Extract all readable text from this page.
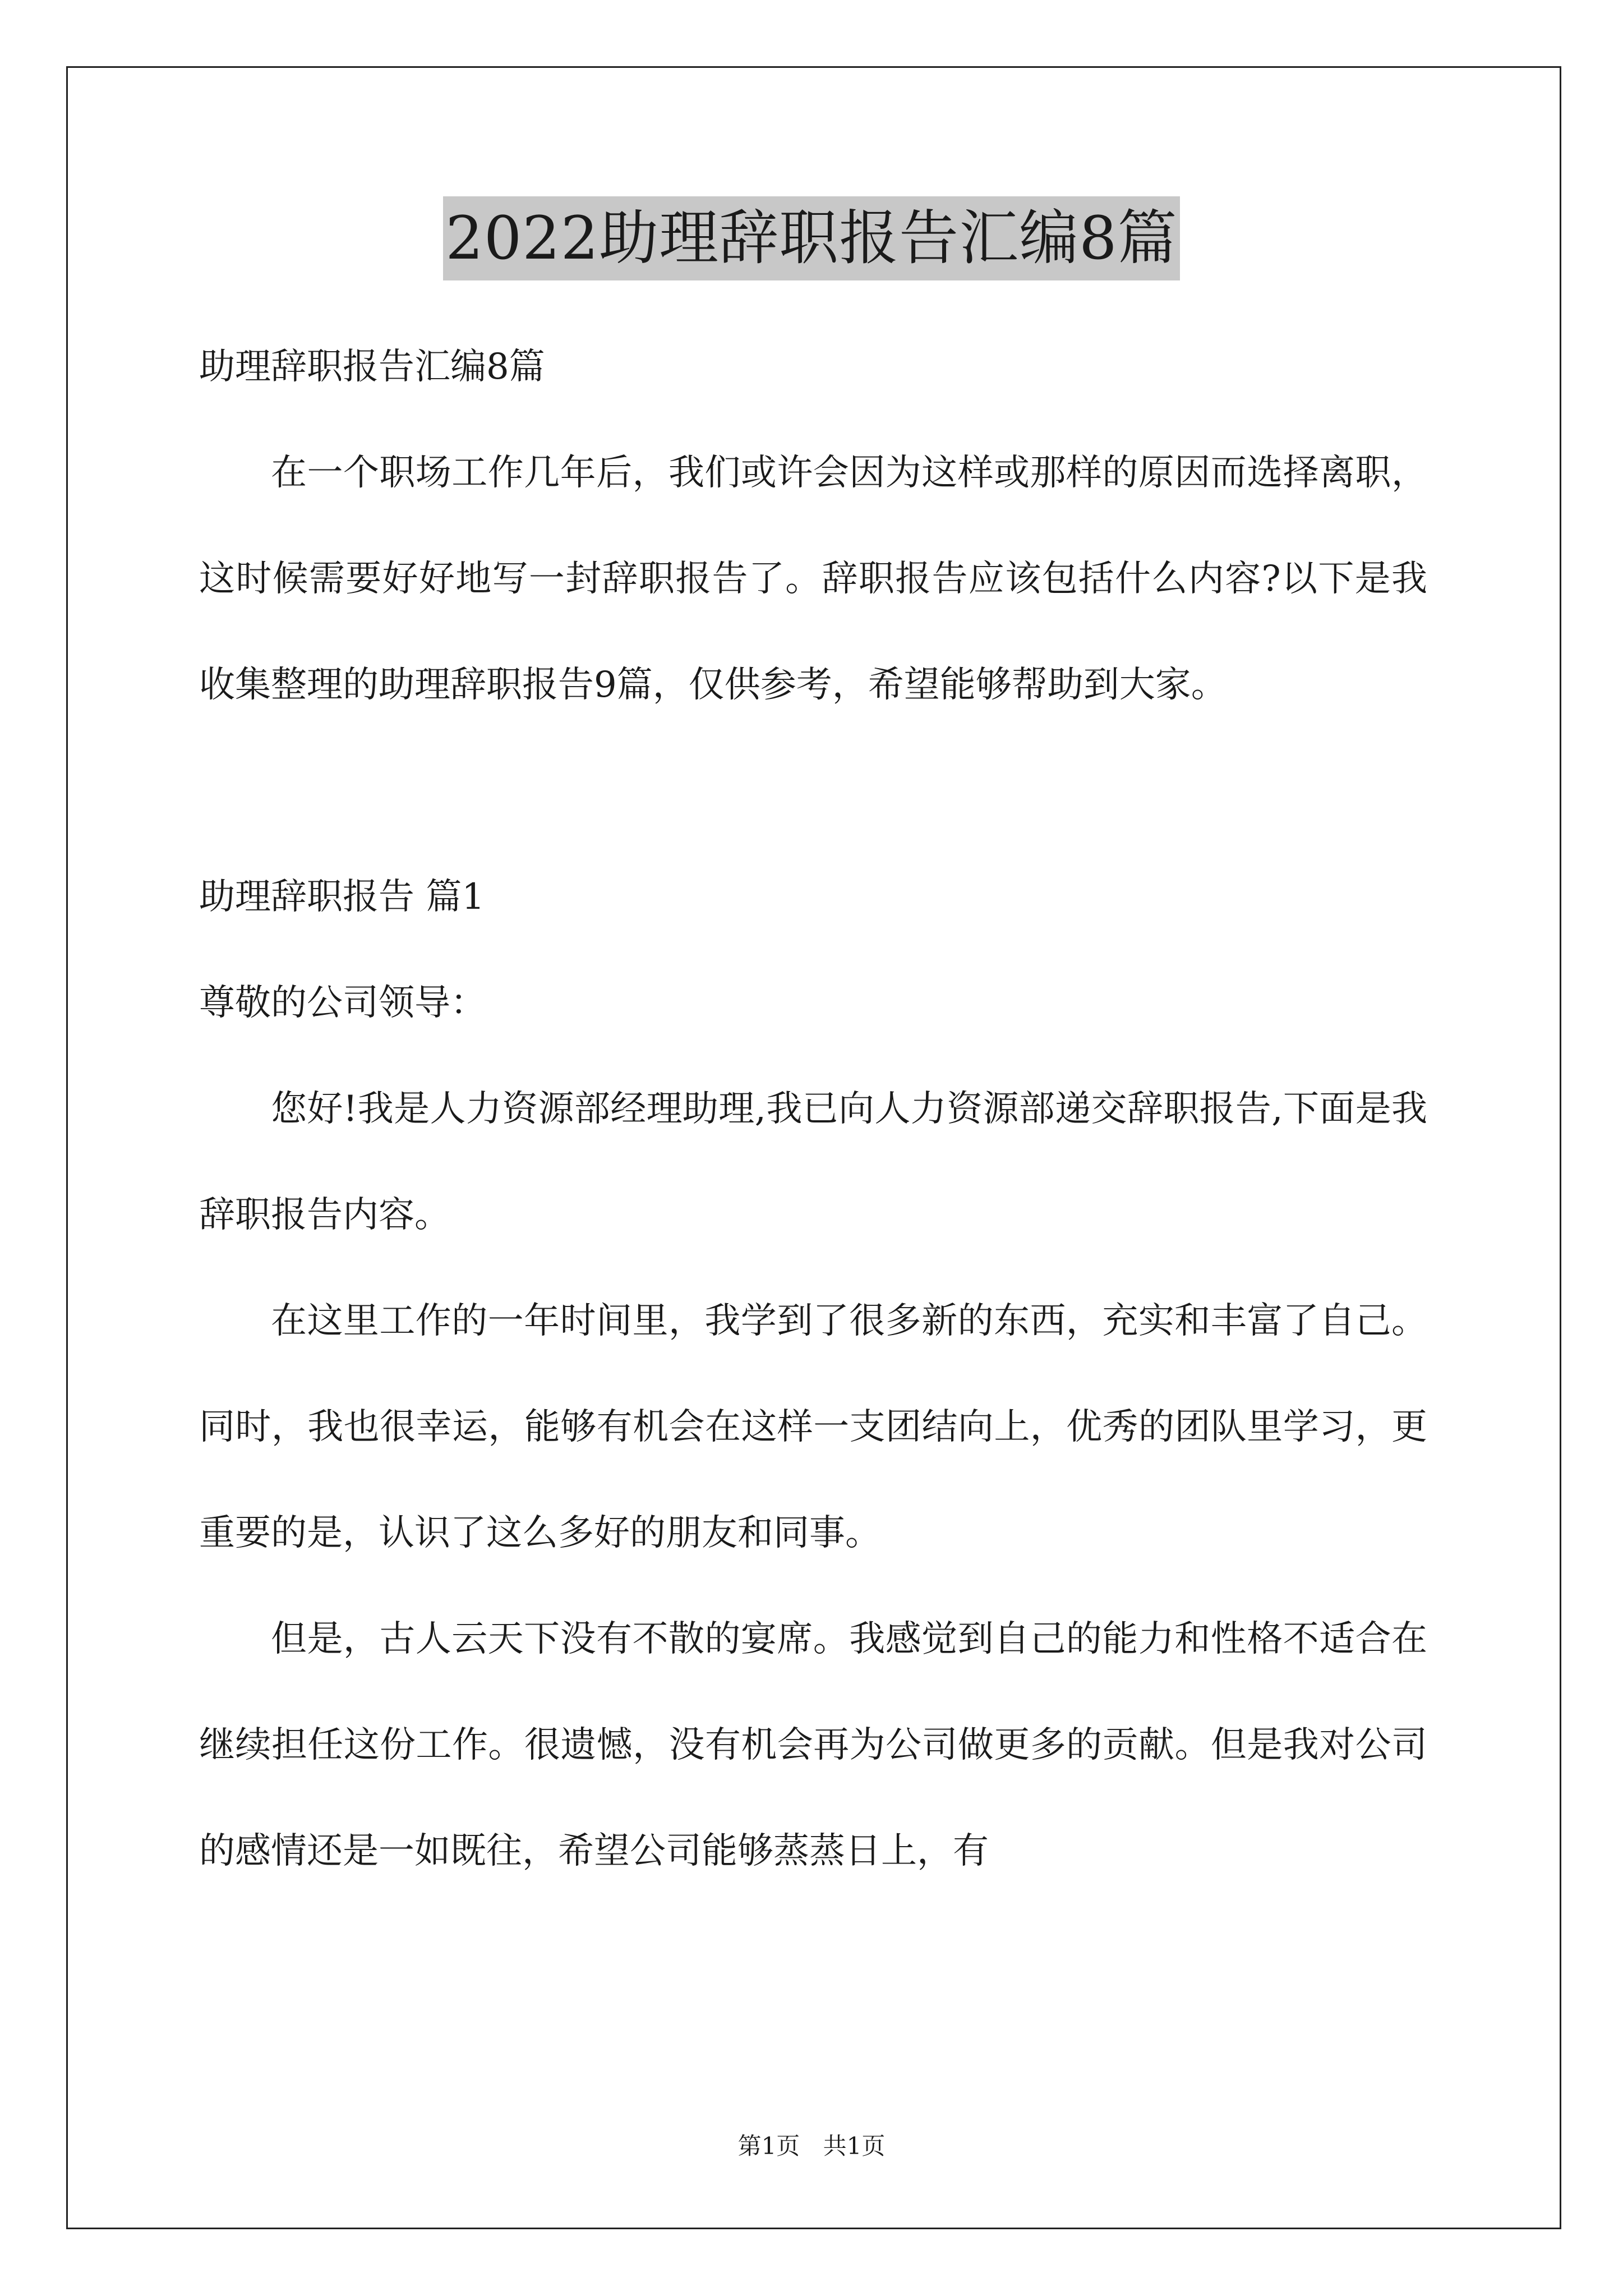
2022助理辞职报告汇编8篇

助理辞职报告汇编8篇

在一个职场工作几年后，我们或许会因为这样或那样的原因而选择离职，这时候需要好好地写一封辞职报告了。辞职报告应该包括什么内容?以下是我收集整理的助理辞职报告9篇，仅供参考，希望能够帮助到大家。

助理辞职报告 篇1

尊敬的公司领导：

您好!我是人力资源部经理助理,我已向人力资源部递交辞职报告,下面是我辞职报告内容。

在这里工作的一年时间里，我学到了很多新的东西，充实和丰富了自己。同时，我也很幸运，能够有机会在这样一支团结向上，优秀的团队里学习，更重要的是，认识了这么多好的朋友和同事。

但是，古人云天下没有不散的宴席。我感觉到自己的能力和性格不适合在继续担任这份工作。很遗憾，没有机会再为公司做更多的贡献。但是我对公司的感情还是一如既往，希望公司能够蒸蒸日上，有

第1页 共1页
